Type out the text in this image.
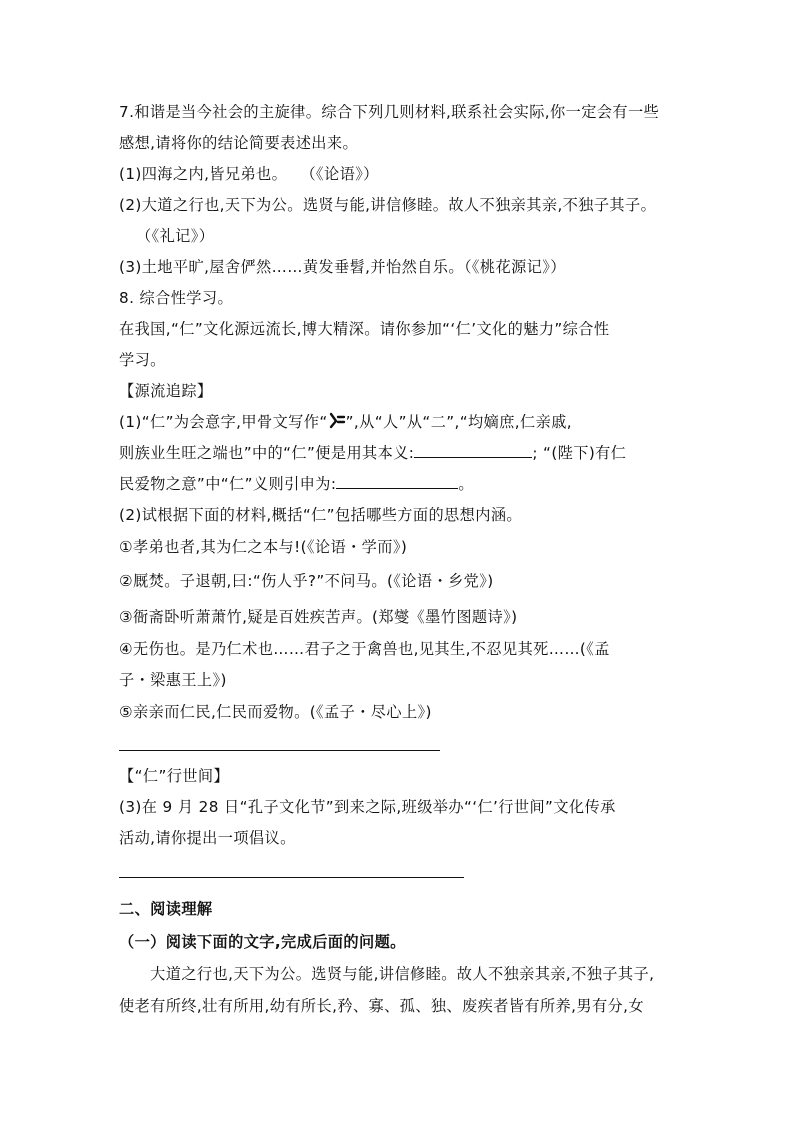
7.和谐是当今社会的主旋律。综合下列几则材料,联系社会实际,你一定会有一些
感想,请将你的结论简要表述出来。
(1)四海之内,皆兄弟也。　 （《论语》）
(2)大道之行也,天下为公。选贤与能,讲信修睦。故人不独亲其亲,不独子其子。
（《礼记》）
(3)土地平旷,屋舍俨然……黄发垂髫,并怡然自乐。（《桃花源记》）
8. 综合性学习。
在我国,“仁”文化源远流长,博大精深。请你参加“‘仁’文化的魅力”综合性
学习。
【源流追踪】
(1)“仁”为会意字,甲骨文写作“ ”,从“人”从“二”,“均嫡庶,仁亲戚,
则族业生旺之端也”中的“仁”便是用其本义:	; “(陛下)有仁
民爱物之意”中“仁”义则引申为:	。
(2)试根据下面的材料,概括“仁”包括哪些方面的思想内涵。
①孝弟也者,其为仁之本与!(《论语・学而》)
②厩焚。子退朝,曰:“伤人乎?”不问马。(《论语・乡党》)
③衙斋卧听萧萧竹,疑是百姓疾苦声。(郑燮《墨竹图题诗》)
④无伤也。是乃仁术也……君子之于禽兽也,见其生,不忍见其死……(《孟
子・梁惠王上》)
⑤亲亲而仁民,仁民而爱物。(《孟子・尽心上》)
【“仁”行世间】
(3)在 9 月 28 日“孔子文化节”到来之际,班级举办“‘仁’行世间”文化传承
活动,请你提出一项倡议。
二、阅读理解
（一）阅读下面的文字,完成后面的问题。
　　大道之行也,天下为公。选贤与能,讲信修睦。故人不独亲其亲,不独子其子,
使老有所终,壮有所用,幼有所长,矜、寡、孤、独、废疾者皆有所养,男有分,女
